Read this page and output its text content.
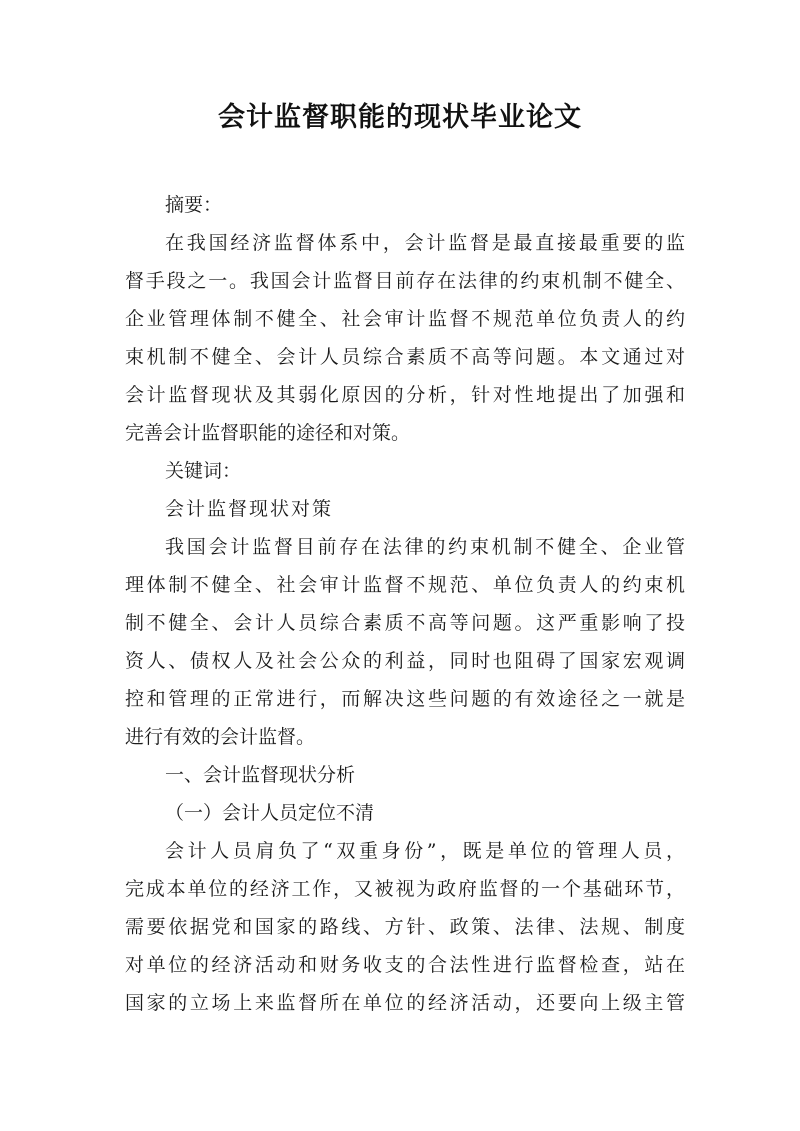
会计监督职能的现状毕业论文
摘要：
在我国经济监督体系中，会计监督是最直接最重要的监
督手段之一。我国会计监督目前存在法律的约束机制不健全、
企业管理体制不健全、社会审计监督不规范单位负责人的约
束机制不健全、会计人员综合素质不高等问题。本文通过对
会计监督现状及其弱化原因的分析，针对性地提出了加强和
完善会计监督职能的途径和对策。
关键词：
会计监督现状对策
我国会计监督目前存在法律的约束机制不健全、企业管
理体制不健全、社会审计监督不规范、单位负责人的约束机
制不健全、会计人员综合素质不高等问题。这严重影响了投
资人、债权人及社会公众的利益，同时也阻碍了国家宏观调
控和管理的正常进行，而解决这些问题的有效途径之一就是
进行有效的会计监督。
一、会计监督现状分析
（一）会计人员定位不清
会计人员肩负了“双重身份”，既是单位的管理人员，
完成本单位的经济工作，又被视为政府监督的一个基础环节，
需要依据党和国家的路线、方针、政策、法律、法规、制度
对单位的经济活动和财务收支的合法性进行监督检查，站在
国家的立场上来监督所在单位的经济活动，还要向上级主管
